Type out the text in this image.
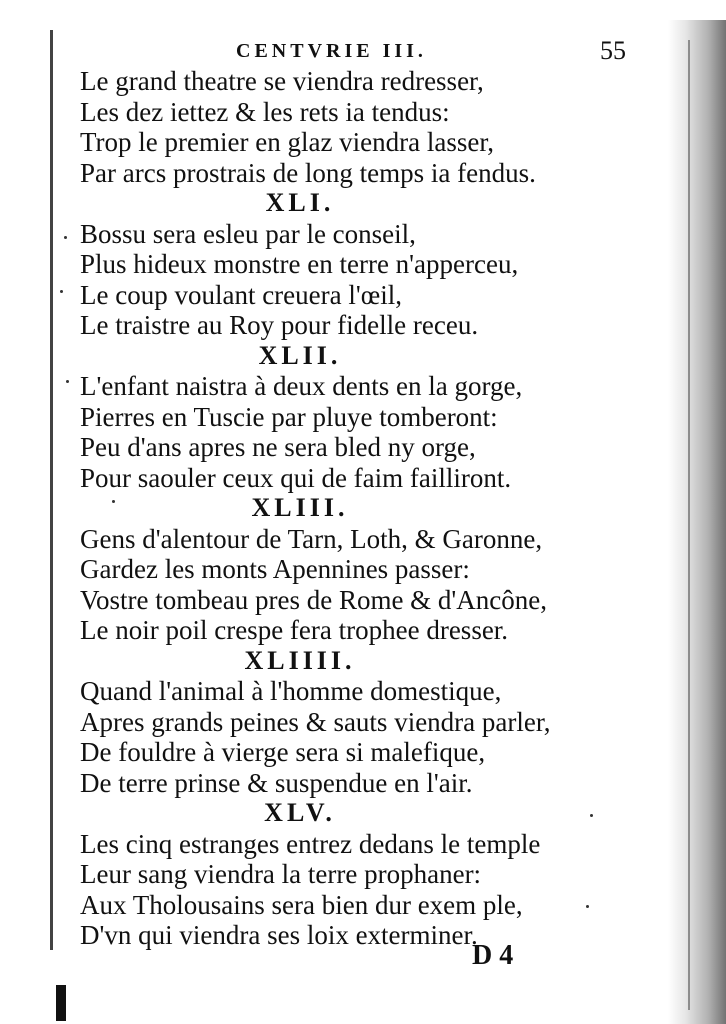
CENTVRIE III.	55
Le grand theatre se viendra redresser,
Les dez iettez & les rets ia tendus:
Trop le premier en glaz viendra lasser,
Par arcs prostrais de long temps ia fendus.
XLI.
Bossu sera esleu par le conseil,
Plus hideux monstre en terre n'apperceu,
Le coup voulant creuera l'œil,
Le traistre au Roy pour fidelle receu.
XLII.
L'enfant naistra à deux dents en la gorge,
Pierres en Tuscie par pluye tomberont:
Peu d'ans apres ne sera bled ny orge,
Pour saouler ceux qui de faim failliront.
XLIII.
Gens d'alentour de Tarn, Loth, & Garonne,
Gardez les monts Apennines passer:
Vostre tombeau pres de Rome & d'Ancône,
Le noir poil crespe fera trophee dresser.
XLIIII.
Quand l'animal à l'homme domestique,
Apres grands peines & sauts viendra parler,
De fouldre à vierge sera si malefique,
De terre prinse & suspendue en l'air.
XLV.
Les cinq estranges entrez dedans le temple
Leur sang viendra la terre prophaner:
Aux Tholousains sera bien dur exem ple,
D'vn qui viendra ses loix exterminer.
D 4
